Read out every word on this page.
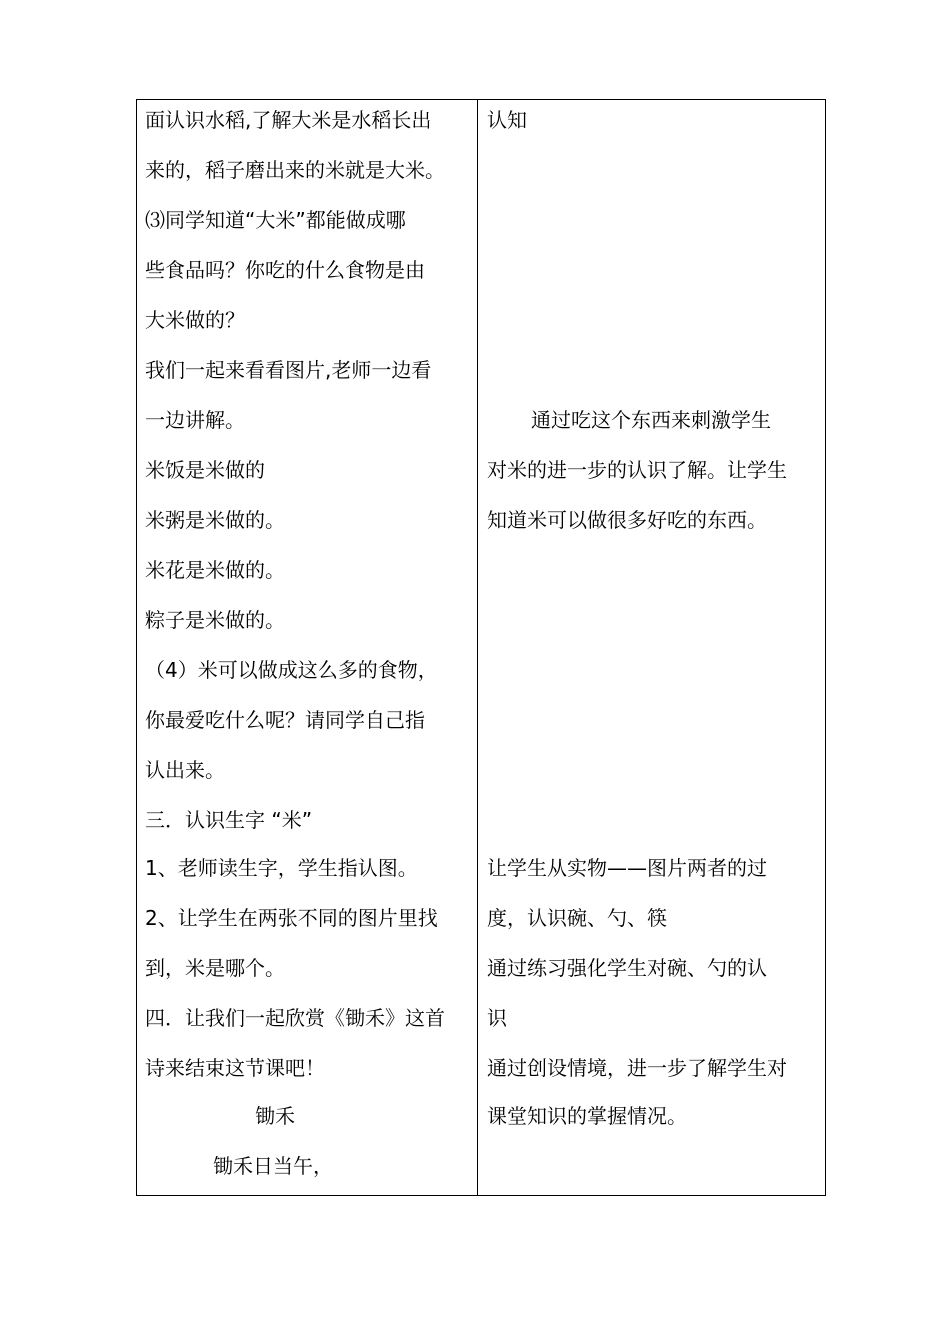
面认识水稻,了解大米是水稻长出
来的，稻子磨出来的米就是大米。
⑶同学知道“大米”都能做成哪
些食品吗？你吃的什么食物是由
大米做的？
我们一起来看看图片,老师一边看
一边讲解。
米饭是米做的
米粥是米做的。
米花是米做的。
粽子是米做的。
（4）米可以做成这么多的食物，
你最爱吃什么呢？请同学自己指
认出来。
三．认识生字 “米”
1、老师读生字，学生指认图。
2、让学生在两张不同的图片里找
到，米是哪个。
四．让我们一起欣赏《锄禾》这首
诗来结束这节课吧！
锄禾
锄禾日当午，
认知
通过吃这个东西来刺激学生
对米的进一步的认识了解。让学生
知道米可以做很多好吃的东西。
让学生从实物——图片两者的过
度，认识碗、勺、筷
通过练习强化学生对碗、勺的认
识
通过创设情境，进一步了解学生对
课堂知识的掌握情况。
